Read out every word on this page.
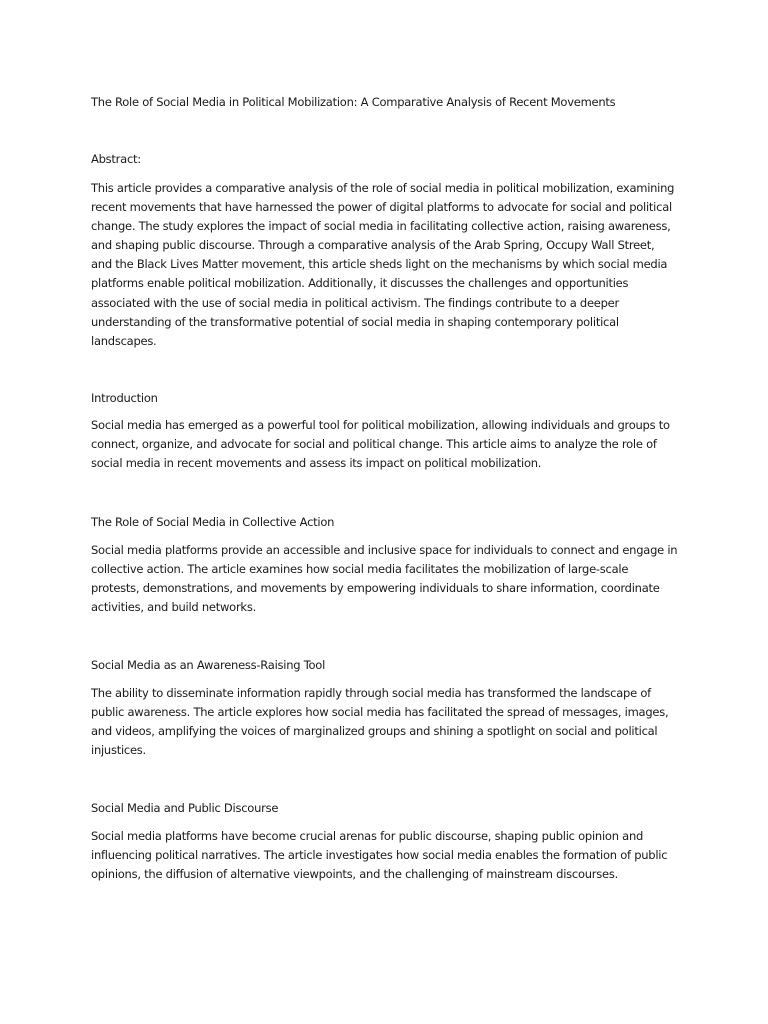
The Role of Social Media in Political Mobilization: A Comparative Analysis of Recent Movements
Abstract:
This article provides a comparative analysis of the role of social media in political mobilization, examining
recent movements that have harnessed the power of digital platforms to advocate for social and political
change. The study explores the impact of social media in facilitating collective action, raising awareness,
and shaping public discourse. Through a comparative analysis of the Arab Spring, Occupy Wall Street,
and the Black Lives Matter movement, this article sheds light on the mechanisms by which social media
platforms enable political mobilization. Additionally, it discusses the challenges and opportunities
associated with the use of social media in political activism. The findings contribute to a deeper
understanding of the transformative potential of social media in shaping contemporary political
landscapes.
Introduction
Social media has emerged as a powerful tool for political mobilization, allowing individuals and groups to
connect, organize, and advocate for social and political change. This article aims to analyze the role of
social media in recent movements and assess its impact on political mobilization.
The Role of Social Media in Collective Action
Social media platforms provide an accessible and inclusive space for individuals to connect and engage in
collective action. The article examines how social media facilitates the mobilization of large-scale
protests, demonstrations, and movements by empowering individuals to share information, coordinate
activities, and build networks.
Social Media as an Awareness-Raising Tool
The ability to disseminate information rapidly through social media has transformed the landscape of
public awareness. The article explores how social media has facilitated the spread of messages, images,
and videos, amplifying the voices of marginalized groups and shining a spotlight on social and political
injustices.
Social Media and Public Discourse
Social media platforms have become crucial arenas for public discourse, shaping public opinion and
influencing political narratives. The article investigates how social media enables the formation of public
opinions, the diffusion of alternative viewpoints, and the challenging of mainstream discourses.
